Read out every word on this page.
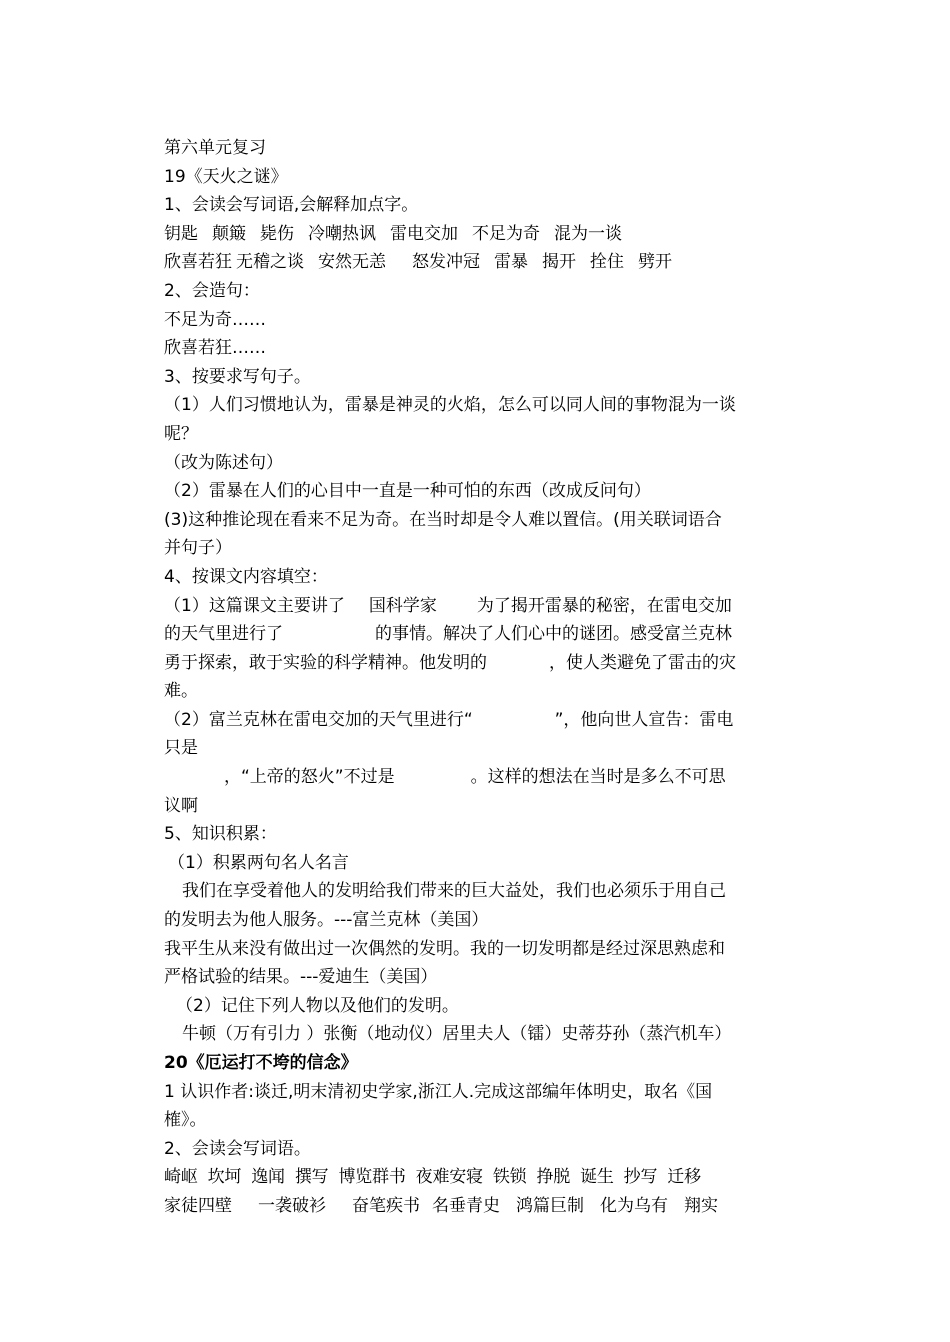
第六单元复习
19《天火之谜》
1、会读会写词语,会解释加点字。
钥匙 颠簸 毙伤 冷嘲热讽 雷电交加 不足为奇 混为一谈
欣喜若狂 无稽之谈 安然无恙 怒发冲冠 雷暴 揭开 拴住 劈开
2、会造句：
不足为奇……
欣喜若狂……
3、按要求写句子。
（1）人们习惯地认为，雷暴是神灵的火焰，怎么可以同人间的事物混为一谈
呢？
（改为陈述句）
（2）雷暴在人们的心目中一直是一种可怕的东西（改成反问句）
(3)这种推论现在看来不足为奇。在当时却是令人难以置信。(用关联词语合
并句子）
4、按课文内容填空：
（1）这篇课文主要讲了 国科学家 为了揭开雷暴的秘密，在雷电交加
的天气里进行了	的事情。解决了人们心中的谜团。感受富兰克林
勇于探索，敢于实验的科学精神。他发明的	，使人类避免了雷击的灾
难。
（2）富兰克林在雷电交加的天气里进行“	”，他向世人宣告：雷电
只是
，“上帝的怒火”不过是	。这样的想法在当时是多么不可思
议啊
5、知识积累：
（1）积累两句名人名言
我们在享受着他人的发明给我们带来的巨大益处，我们也必须乐于用自己
的发明去为他人服务。---富兰克林（美国）
我平生从来没有做出过一次偶然的发明。我的一切发明都是经过深思熟虑和
严格试验的结果。---爱迪生（美国）
（2）记住下列人物以及他们的发明。
牛顿（万有引力 ）张衡（地动仪）居里夫人（镭）史蒂芬孙（蒸汽机车）
20《厄运打不垮的信念》
1 认识作者:谈迁,明末清初史学家,浙江人.完成这部编年体明史，取名《国
榷》。
2、会读会写词语。
崎岖 坎坷 逸闻 撰写 博览群书 夜难安寝 铁锁 挣脱 诞生 抄写 迁移
家徒四壁 一袭破衫 奋笔疾书 名垂青史 鸿篇巨制 化为乌有 翔实
